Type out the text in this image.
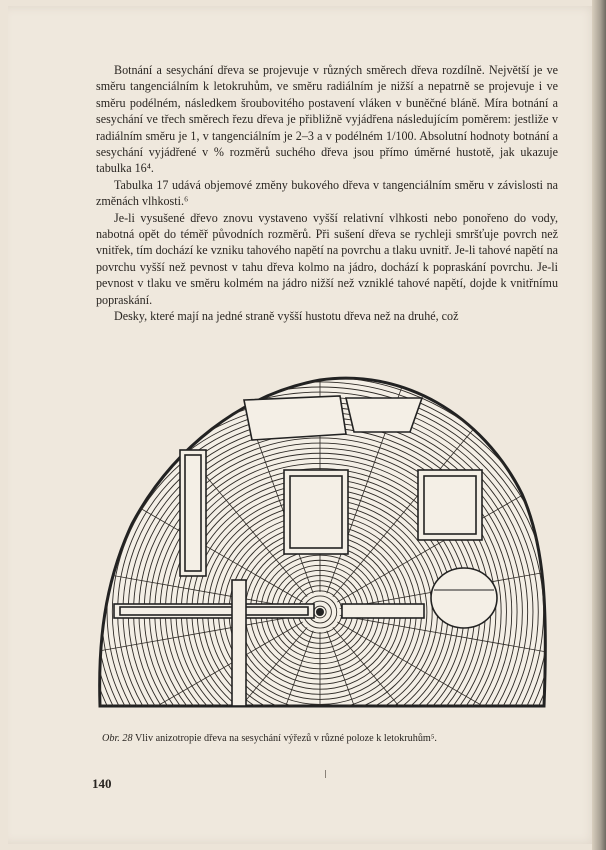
Botnání a sesychání dřeva se projevuje v různých směrech dřeva rozdílně. Největší je ve směru tangenciálním k letokruhům, ve směru radiálním je nižší a nepatrně se projevuje i ve směru podélném, následkem šroubovitého postavení vláken v buněčné bláně. Míra botnání a sesychání ve třech směrech řezu dřeva je přibližně vyjádřena následujícím poměrem: jestliže v radiálním směru je 1, v tangenciálním je 2–3 a v podélném 1/100. Absolutní hodnoty botnání a sesychání vyjádřené v % rozměrů suchého dřeva jsou přímo úměrné hustotě, jak ukazuje tabulka 16⁴.

Tabulka 17 udává objemové změny bukového dřeva v tangenciálním směru v závislosti na změnách vlhkosti.⁶

Je-li vysušené dřevo znovu vystaveno vyšší relativní vlhkosti nebo ponořeno do vody, nabotná opět do téměř původních rozměrů. Při sušení dřeva se rychleji smršťuje povrch než vnitřek, tím dochází ke vzniku tahového napětí na povrchu a tlaku uvnitř. Je-li tahové napětí na povrchu vyšší než pevnost v tahu dřeva kolmo na jádro, dochází k popraskání povrchu. Je-li pevnost v tlaku ve směru kolmém na jádro nižší než vzniklé tahové napětí, dojde k vnitřnímu popraskání.

Desky, které mají na jedné straně vyšší hustotu dřeva než na druhé, což

Obr. 28 Vliv anizotropie dřeva na sesychání výřezů v různé poloze k letokruhům⁵.
140
